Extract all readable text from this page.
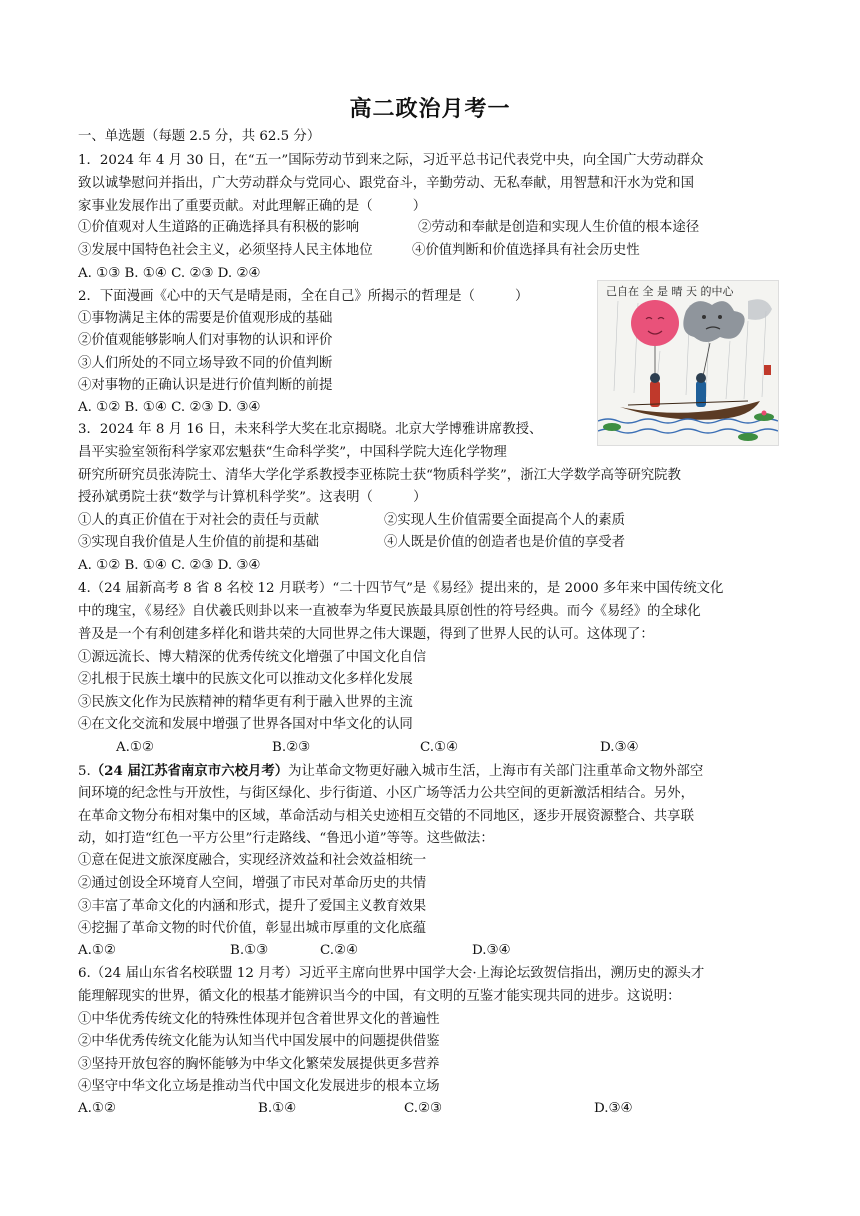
高二政治月考一
一、单选题（每题 2.5 分，共 62.5 分）
1．2024 年 4 月 30 日，在“五一”国际劳动节到来之际，习近平总书记代表党中央，向全国广大劳动群众
致以诚挚慰问并指出，广大劳动群众与党同心、跟党奋斗，辛勤劳动、无私奉献，用智慧和汗水为党和国
家事业发展作出了重要贡献。对此理解正确的是（　　　）
①价值观对人生道路的正确选择具有积极的影响	②劳动和奉献是创造和实现人生价值的根本途径
③发展中国特色社会主义，必须坚持人民主体地位	④价值判断和价值选择具有社会历史性
A. ①③ B. ①④ C. ②③ D. ②④
2．下面漫画《心中的天气是晴是雨，全在自己》所揭示的哲理是（　　　）
①事物满足主体的需要是价值观形成的基础
②价值观能够影响人们对事物的认识和评价
③人们所处的不同立场导致不同的价值判断
④对事物的正确认识是进行价值判断的前提
A. ①② B. ①④ C. ②③ D. ③④
己自在 全 是 晴 天 的中心
3．2024 年 8 月 16 日，未来科学大奖在北京揭晓。北京大学博雅讲席教授、
昌平实验室领衔科学家邓宏魁获“生命科学奖”，中国科学院大连化学物理
研究所研究员张涛院士、清华大学化学系教授李亚栋院士获“物质科学奖”，浙江大学数学高等研究院教
授孙斌勇院士获“数学与计算机科学奖”。这表明（　　　）
①人的真正价值在于对社会的责任与贡献	②实现人生价值需要全面提高个人的素质
③实现自我价值是人生价值的前提和基础	④人既是价值的创造者也是价值的享受者
A. ①② B. ①④ C. ②③ D. ③④
4.（24 届新高考 8 省 8 名校 12 月联考）“二十四节气”是《易经》提出来的，是 2000 多年来中国传统文化
中的瑰宝，《易经》自伏羲氏则卦以来一直被奉为华夏民族最具原创性的符号经典。而今《易经》的全球化
普及是一个有利创建多样化和谐共荣的大同世界之伟大课题，得到了世界人民的认可。这体现了：
①源远流长、博大精深的优秀传统文化增强了中国文化自信
②扎根于民族土壤中的民族文化可以推动文化多样化发展
③民族文化作为民族精神的精华更有利于融入世界的主流
④在文化交流和发展中增强了世界各国对中华文化的认同
A.①②	B.②③	C.①④	D.③④
5.（24 届江苏省南京市六校月考）为让革命文物更好融入城市生活，上海市有关部门注重革命文物外部空
间环境的纪念性与开放性，与街区绿化、步行街道、小区广场等活力公共空间的更新激活相结合。另外，
在革命文物分布相对集中的区域，革命活动与相关史迹相互交错的不同地区，逐步开展资源整合、共享联
动，如打造“红色一平方公里”行走路线、“鲁迅小道”等等。这些做法：
①意在促进文旅深度融合，实现经济效益和社会效益相统一
②通过创设全环境育人空间，增强了市民对革命历史的共情
③丰富了革命文化的内涵和形式，提升了爱国主义教育效果
④挖掘了革命文物的时代价值，彰显出城市厚重的文化底蕴
A.①②	B.①③	C.②④	D.③④
6.（24 届山东省名校联盟 12 月考）习近平主席向世界中国学大会·上海论坛致贺信指出，溯历史的源头才
能理解现实的世界，循文化的根基才能辨识当今的中国，有文明的互鉴才能实现共同的进步。这说明：
①中华优秀传统文化的特殊性体现并包含着世界文化的普遍性
②中华优秀传统文化能为认知当代中国发展中的问题提供借鉴
③坚持开放包容的胸怀能够为中华文化繁荣发展提供更多营养
④坚守中华文化立场是推动当代中国文化发展进步的根本立场
A.①②	B.①④	C.②③	D.③④
